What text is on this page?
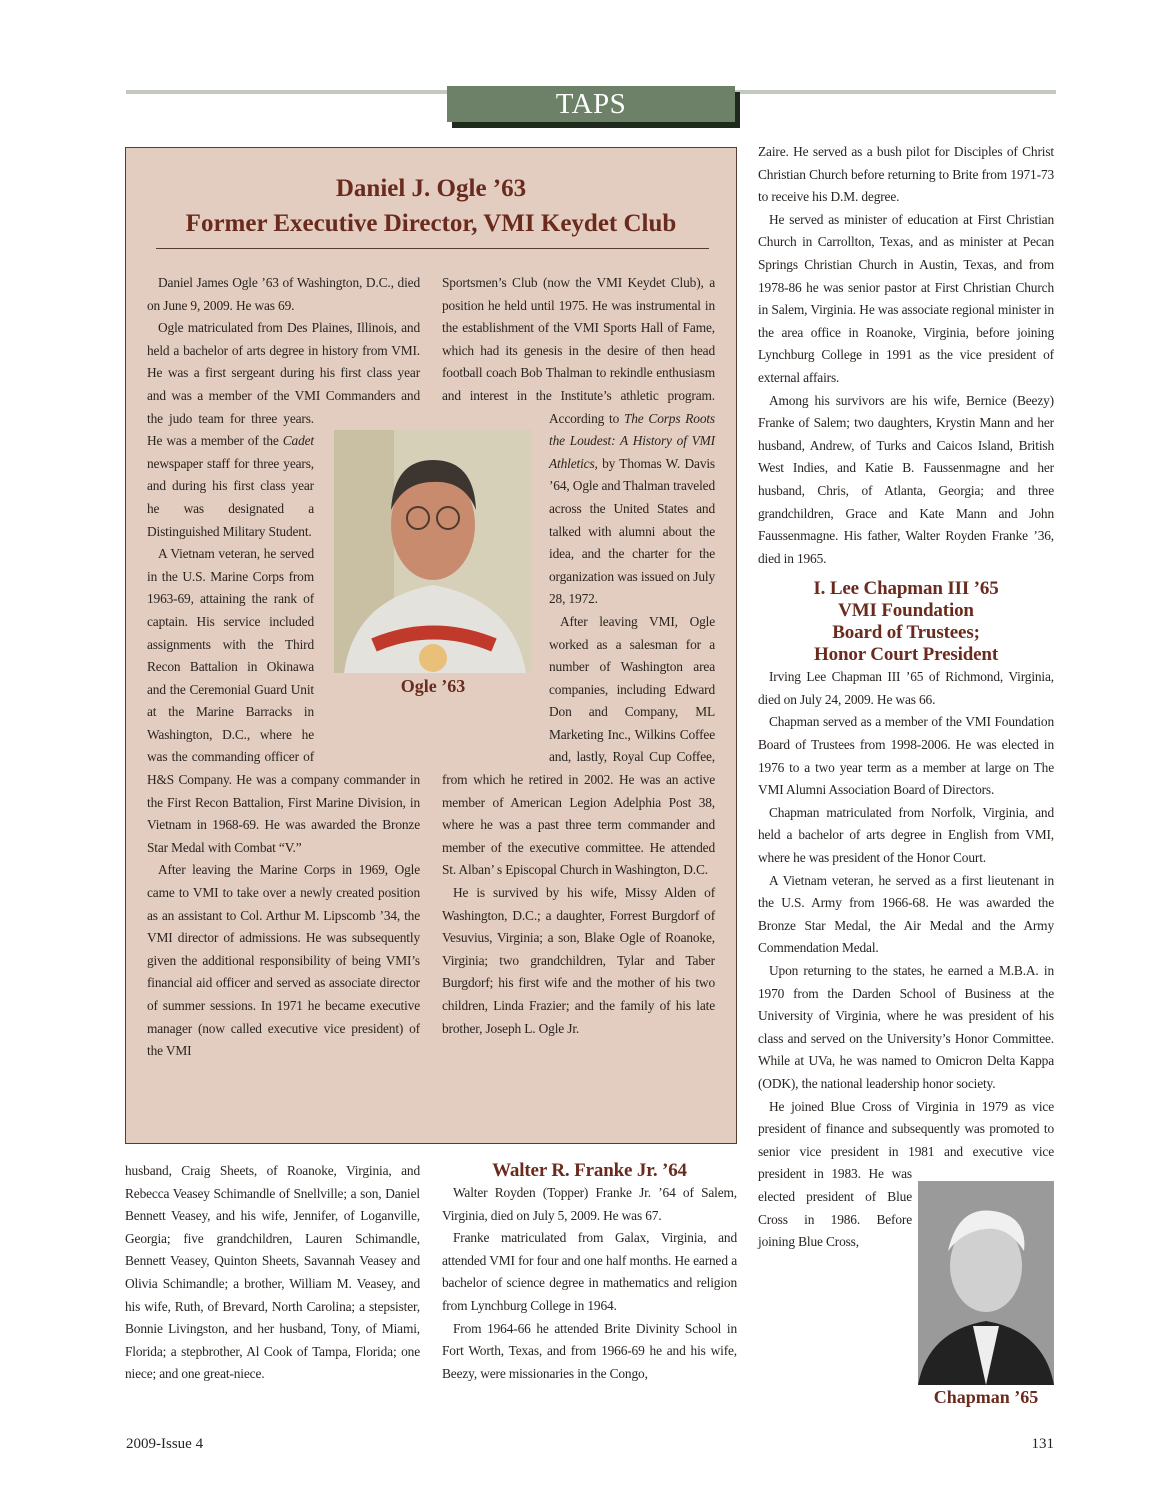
TAPS
Daniel J. Ogle ’63
Former Executive Director, VMI Keydet Club

Daniel James Ogle ’63 of Washington, D.C., died on June 9, 2009. He was 69.

Ogle matriculated from Des Plaines, Illinois, and held a bachelor of arts degree in history from VMI. He was a first sergeant during his first class year and was a member of the VMI Commanders and the judo team for three years. He was a member of the Cadet newspaper staff for three years, and during his first class year he was designated a Distinguished Military Student.

A Vietnam veteran, he served in the U.S. Marine Corps from 1963-69, attaining the rank of captain. His service included assignments with the Third Recon Battalion in Okinawa and the Ceremonial Guard Unit at the Marine Barracks in Washington, D.C., where he was the commanding officer of H&S Company. He was a company commander in the First Recon Battalion, First Marine Division, in Vietnam in 1968-69. He was awarded the Bronze Star Medal with Combat “V.”

After leaving the Marine Corps in 1969, Ogle came to VMI to take over a newly created position as an assistant to Col. Arthur M. Lipscomb ’34, the VMI director of admissions. He was subsequently given the additional responsibility of being VMI’s financial aid officer and served as associate director of summer sessions. In 1971 he became executive manager (now called executive vice president) of the VMI

Sportsmen’s Club (now the VMI Keydet Club), a position he held until 1975. He was instrumental in the establishment of the VMI Sports Hall of Fame, which had its genesis in the desire of then head football coach Bob Thalman to rekindle enthusiasm and interest in the Institute’s athletic program. According to The Corps Roots the Loudest: A History of VMI Athletics, by Thomas W. Davis ’64, Ogle and Thalman traveled across the United States and talked with alumni about the idea, and the charter for the organization was issued on July 28, 1972.

After leaving VMI, Ogle worked as a salesman for a number of Washington area companies, including Edward Don and Company, ML Marketing Inc., Wilkins Coffee and, lastly, Royal Cup Coffee, from which he retired in 2002. He was an active member of American Legion Adelphia Post 38, where he was a past three term commander and member of the executive committee. He attended St. Alban’ s Episcopal Church in Washington, D.C.

He is survived by his wife, Missy Alden of Washington, D.C.; a daughter, Forrest Burgdorf of Vesuvius, Virginia; a son, Blake Ogle of Roanoke, Virginia; two grandchildren, Tylar and Taber Burgdorf; his first wife and the mother of his two children, Linda Frazier; and the family of his late brother, Joseph L. Ogle Jr.

Ogle ’63

husband, Craig Sheets, of Roanoke, Virginia, and Rebecca Veasey Schimandle of Snellville; a son, Daniel Bennett Veasey, and his wife, Jennifer, of Loganville, Georgia; five grandchildren, Lauren Schimandle, Bennett Veasey, Quinton Sheets, Savannah Veasey and Olivia Schimandle; a brother, William M. Veasey, and his wife, Ruth, of Brevard, North Carolina; a stepsister, Bonnie Livingston, and her husband, Tony, of Miami, Florida; a stepbrother, Al Cook of Tampa, Florida; one niece; and one great-niece.

Walter R. Franke Jr. ’64

Walter Royden (Topper) Franke Jr. ’64 of Salem, Virginia, died on July 5, 2009. He was 67.

Franke matriculated from Galax, Virginia, and attended VMI for four and one half months. He earned a bachelor of science degree in mathematics and religion from Lynchburg College in 1964.

From 1964-66 he attended Brite Divinity School in Fort Worth, Texas, and from 1966-69 he and his wife, Beezy, were missionaries in the Congo,

Zaire. He served as a bush pilot for Disciples of Christ Christian Church before returning to Brite from 1971-73 to receive his D.M. degree.

He served as minister of education at First Christian Church in Carrollton, Texas, and as minister at Pecan Springs Christian Church in Austin, Texas, and from 1978-86 he was senior pastor at First Christian Church in Salem, Virginia. He was associate regional minister in the area office in Roanoke, Virginia, before joining Lynchburg College in 1991 as the vice president of external affairs.

Among his survivors are his wife, Bernice (Beezy) Franke of Salem; two daughters, Krystin Mann and her husband, Andrew, of Turks and Caicos Island, British West Indies, and Katie B. Faussenmagne and her husband, Chris, of Atlanta, Georgia; and three grandchildren, Grace and Kate Mann and John Faussenmagne. His father, Walter Royden Franke ’36, died in 1965.

I. Lee Chapman III ’65
VMI Foundation
Board of Trustees;
Honor Court President

Irving Lee Chapman III ’65 of Richmond, Virginia, died on July 24, 2009. He was 66.

Chapman served as a member of the VMI Foundation Board of Trustees from 1998-2006. He was elected in 1976 to a two year term as a member at large on The VMI Alumni Association Board of Directors.

Chapman matriculated from Norfolk, Virginia, and held a bachelor of arts degree in English from VMI, where he was president of the Honor Court.

A Vietnam veteran, he served as a first lieutenant in the U.S. Army from 1966-68. He was awarded the Bronze Star Medal, the Air Medal and the Army Commendation Medal.

Upon returning to the states, he earned a M.B.A. in 1970 from the Darden School of Business at the University of Virginia, where he was president of his class and served on the University’s Honor Committee. While at UVa, he was named to Omicron Delta Kappa (ODK), the national leadership honor society.

He joined Blue Cross of Virginia in 1979 as vice president of finance and subsequently was promoted to senior vice president in 1981 and executive vice president in 1983. He was elected president of Blue Cross in 1986. Before joining Blue Cross,

Chapman ’65
2009-Issue 4	131
